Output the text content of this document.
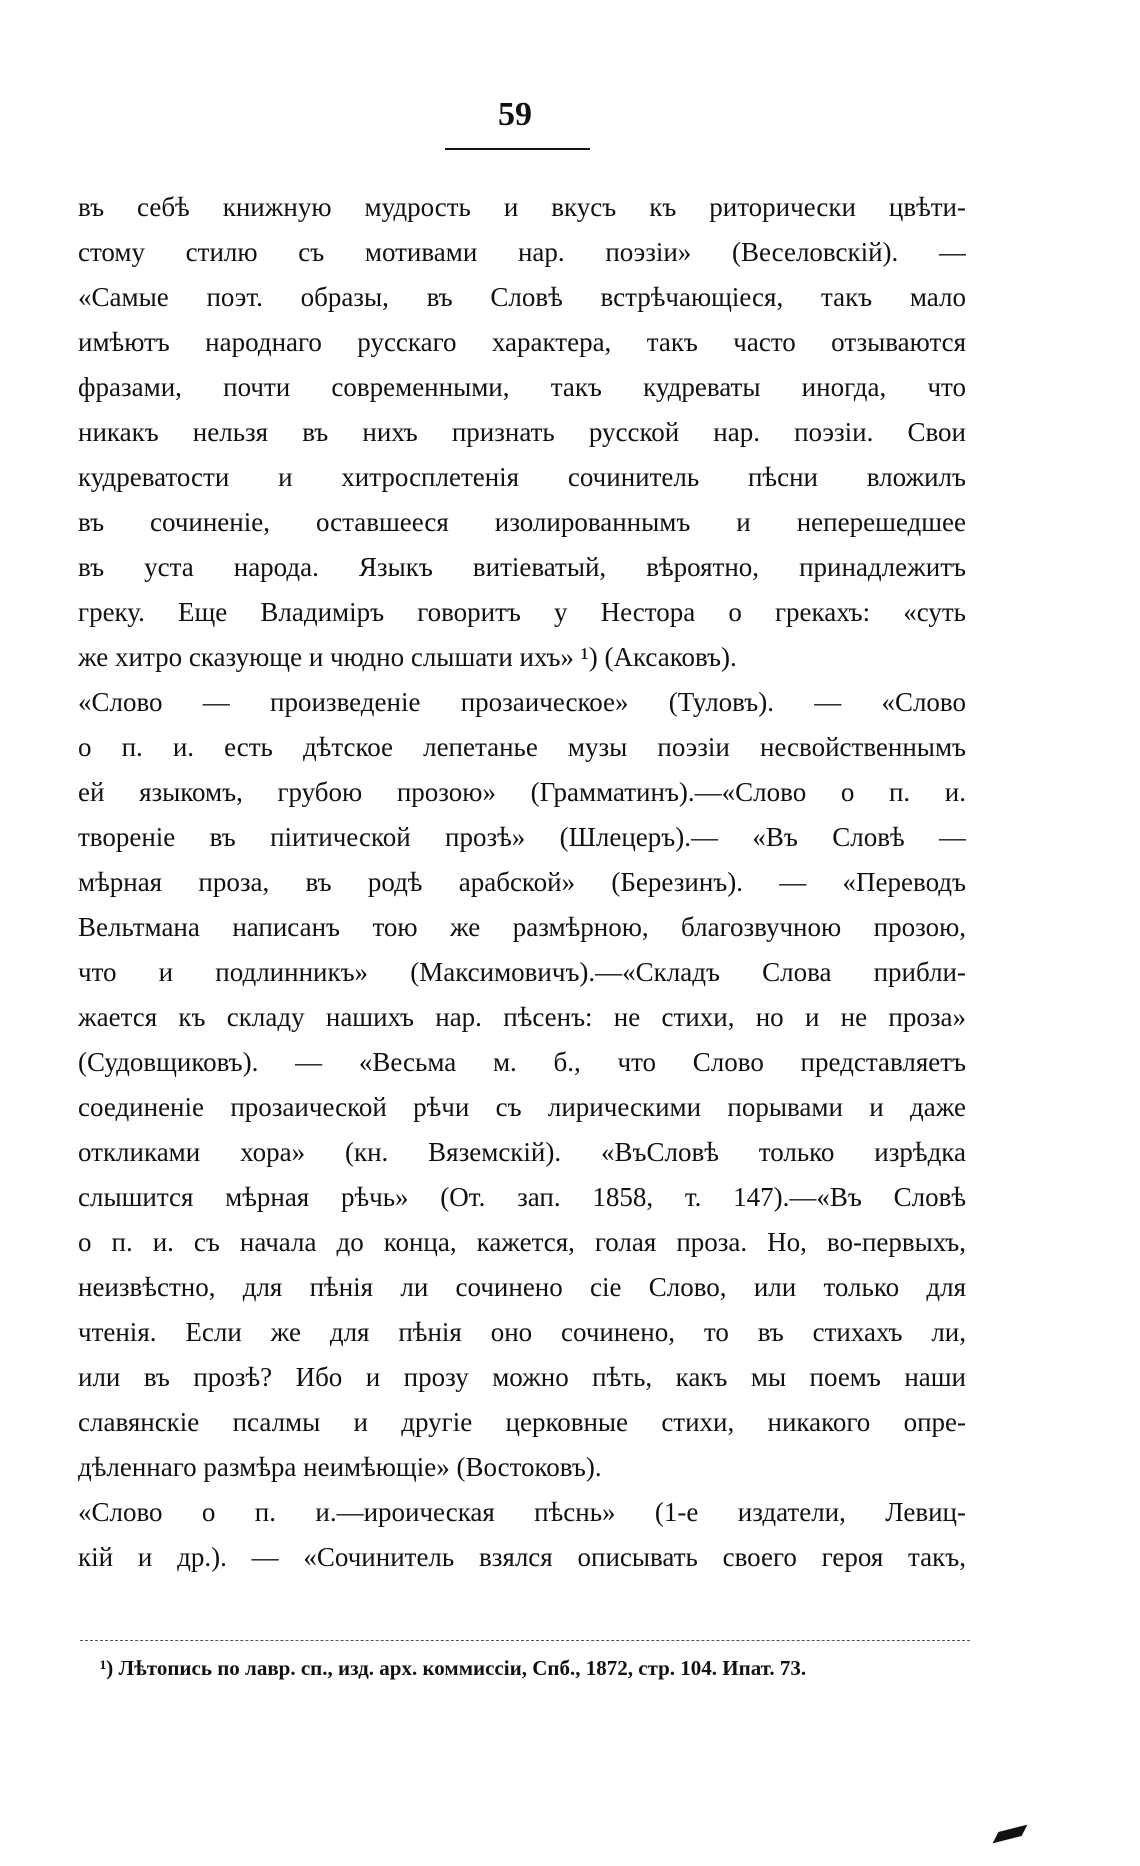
59
въ себѣ книжную мудрость и вкусъ къ риторически цвѣти-
стому стилю съ мотивами нар. поэзіи» (Веселовскій). —
«Самые поэт. образы, въ Словѣ встрѣчающіеся, такъ мало
имѣютъ народнаго русскаго характера, такъ часто отзываются
фразами, почти современными, такъ кудреваты иногда, что
никакъ нельзя въ нихъ признать русской нар. поэзіи. Свои
кудреватости и хитросплетенія сочинитель пѣсни вложилъ
въ сочиненіе, оставшееся изолированнымъ и неперешедшее
въ уста народа. Языкъ витіеватый, вѣроятно, принадлежитъ
греку. Еще Владиміръ говоритъ у Нестора о грекахъ: «суть
же хитро сказующе и чюдно слышати ихъ» ¹) (Аксаковъ).
«Слово — произведеніе прозаическое» (Туловъ). — «Слово
о п. и. есть дѣтское лепетанье музы поэзіи несвойственнымъ
ей языкомъ, грубою прозою» (Грамматинъ).—«Слово о п. и.
твореніе въ піитической прозѣ» (Шлецеръ).— «Въ Словѣ —
мѣрная проза, въ родѣ арабской» (Березинъ). — «Переводъ
Вельтмана написанъ тою же размѣрною, благозвучною прозою,
что и подлинникъ» (Максимовичъ).—«Складъ Слова прибли-
жается къ складу нашихъ нар. пѣсенъ: не стихи, но и не проза»
(Судовщиковъ). — «Весьма м. б., что Слово представляетъ
соединеніе прозаической рѣчи съ лирическими порывами и даже
откликами хора» (кн. Вяземскій). «ВъСловѣ только изрѣдка
слышится мѣрная рѣчь» (От. зап. 1858, т. 147).—«Въ Словѣ
о п. и. съ начала до конца, кажется, голая проза. Но, во-первыхъ,
неизвѣстно, для пѣнія ли сочинено сіе Слово, или только для
чтенія. Если же для пѣнія оно сочинено, то въ стихахъ ли,
или въ прозѣ? Ибо и прозу можно пѣть, какъ мы поемъ наши
славянскіе псалмы и другіе церковные стихи, никакого опре-
дѣленнаго размѣра неимѣющіе» (Востоковъ).
«Слово о п. и.—ироическая пѣснь» (1-е издатели, Левиц-
кій и др.). — «Сочинитель взялся описывать своего героя такъ,
¹) Лѣтопись по лавр. сп., изд. арх. коммиссіи, Спб., 1872, стр. 104. Ипат. 73.
